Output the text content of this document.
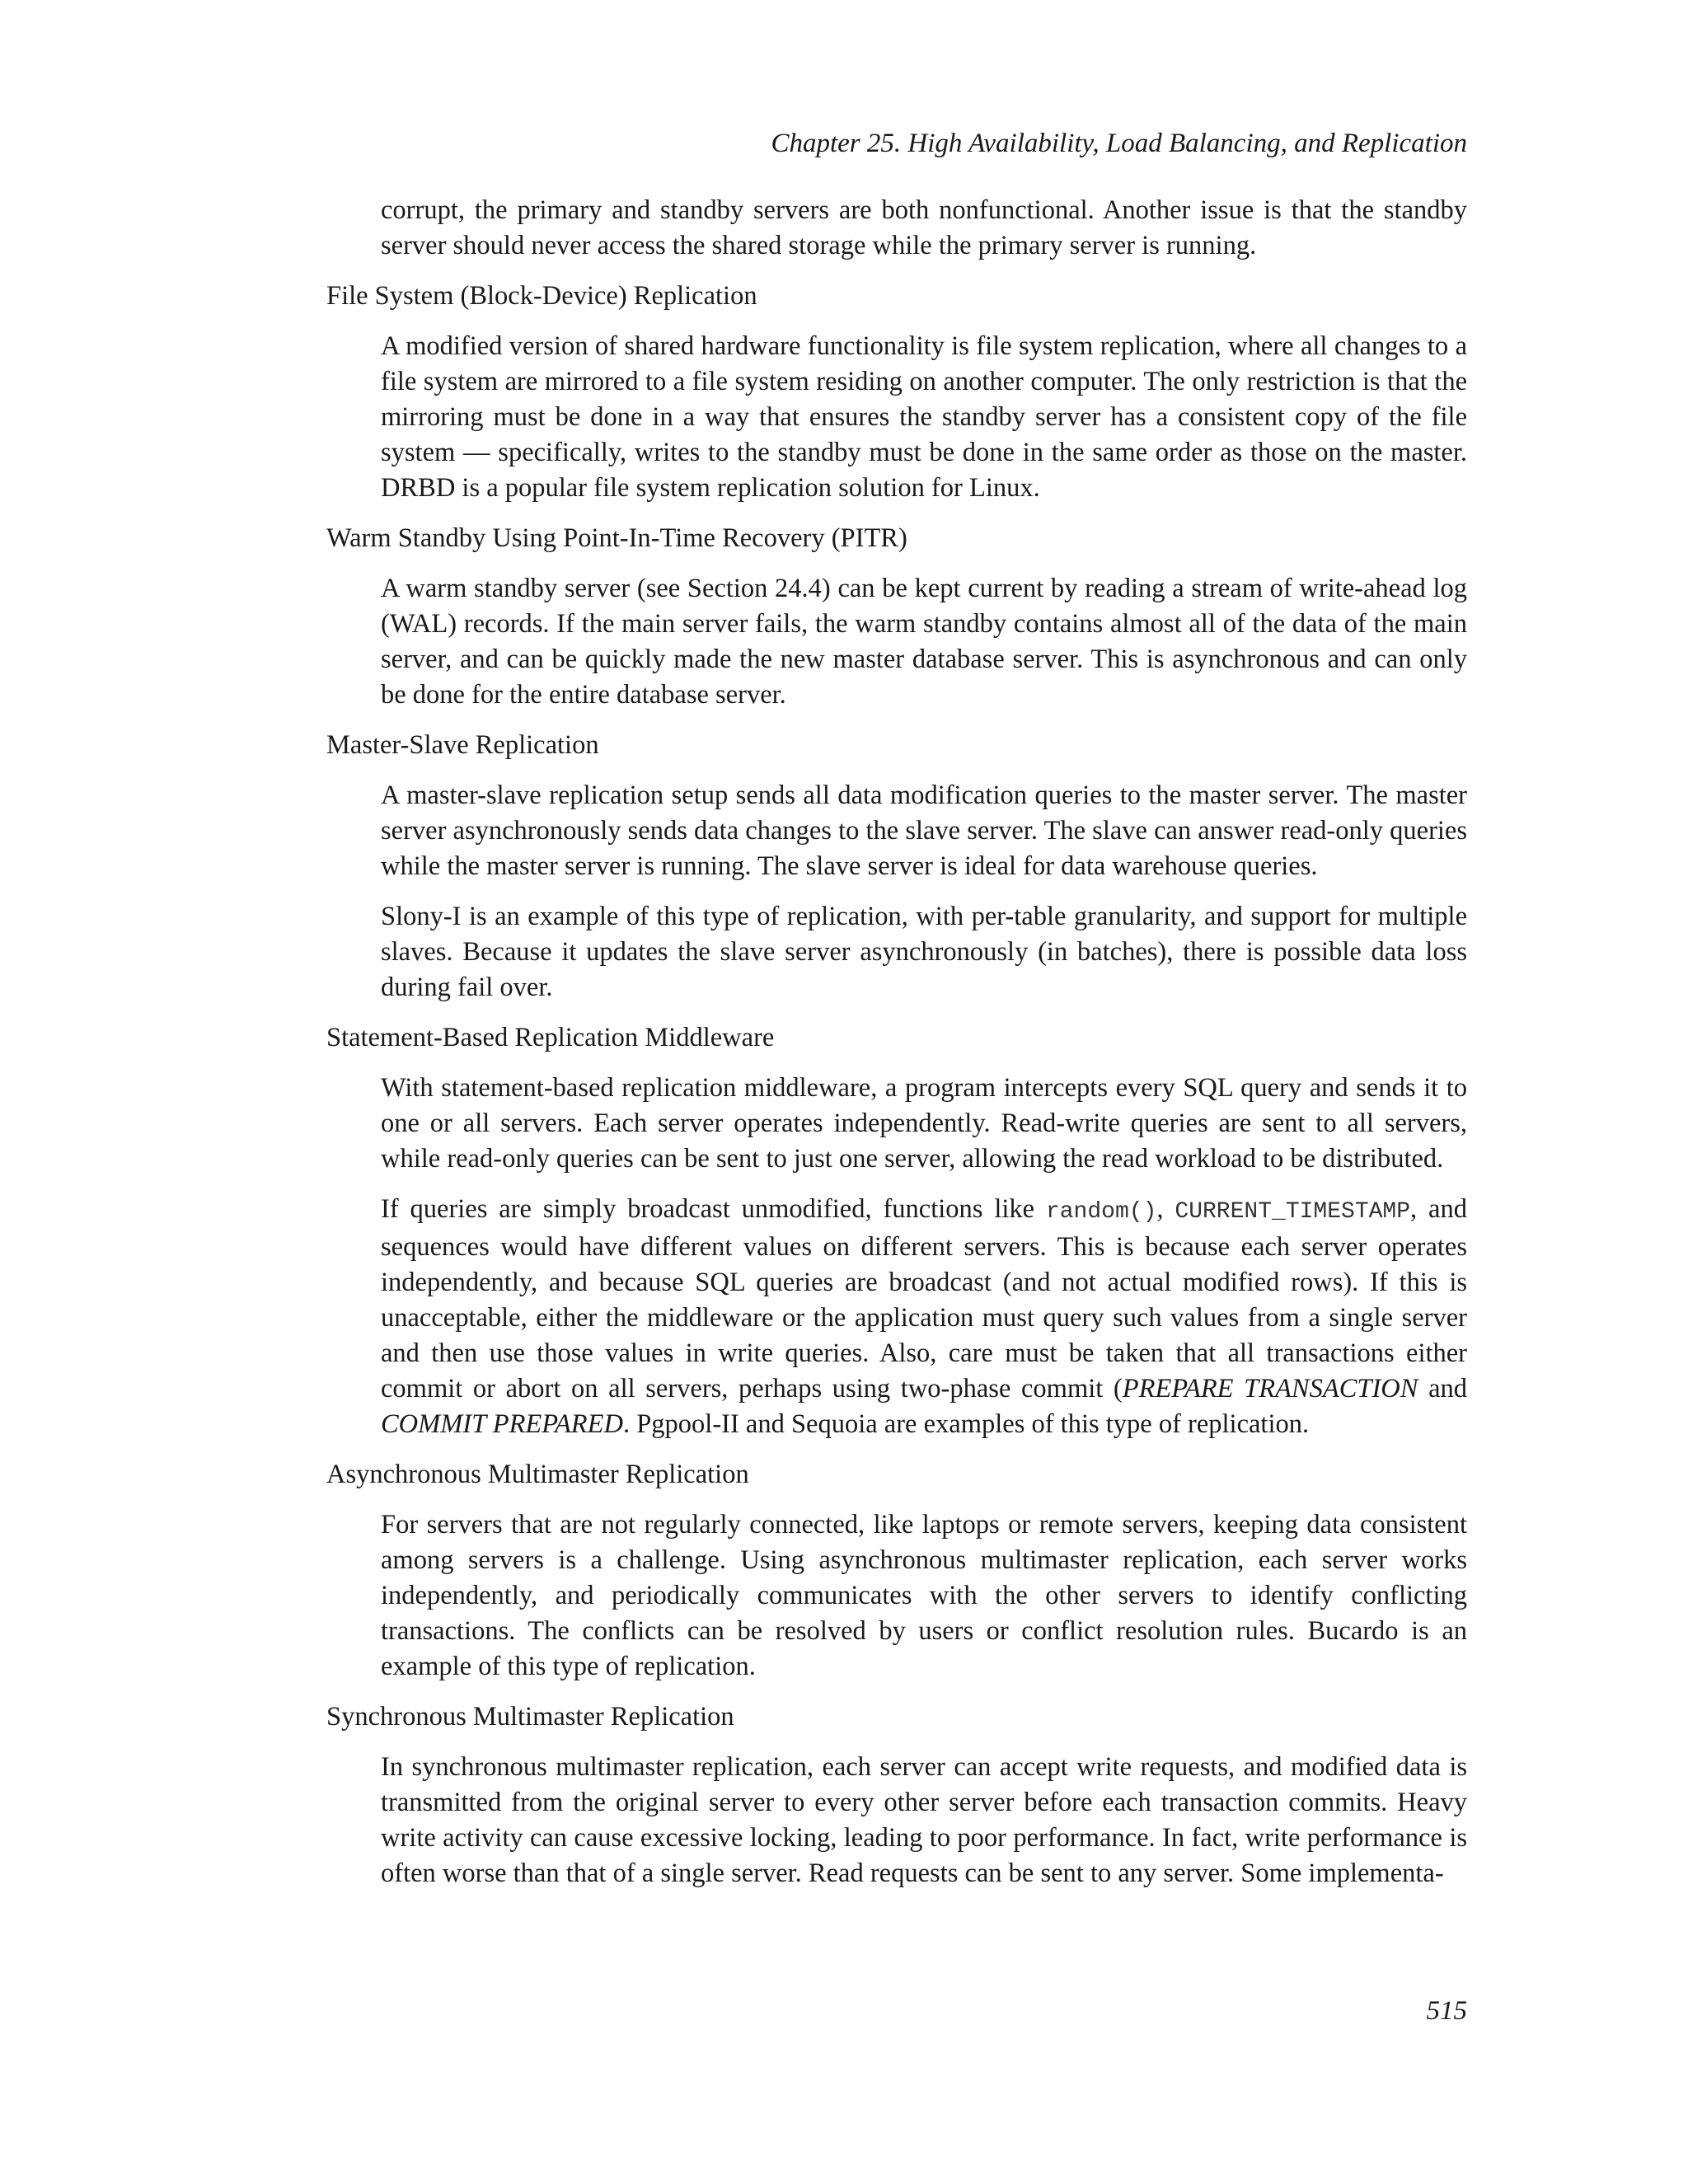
Chapter 25. High Availability, Load Balancing, and Replication

corrupt, the primary and standby servers are both nonfunctional. Another issue is that the standby server should never access the shared storage while the primary server is running.

File System (Block-Device) Replication

A modified version of shared hardware functionality is file system replication, where all changes to a file system are mirrored to a file system residing on another computer. The only restriction is that the mirroring must be done in a way that ensures the standby server has a consistent copy of the file system — specifically, writes to the standby must be done in the same order as those on the master. DRBD is a popular file system replication solution for Linux.

Warm Standby Using Point-In-Time Recovery (PITR)

A warm standby server (see Section 24.4) can be kept current by reading a stream of write-ahead log (WAL) records. If the main server fails, the warm standby contains almost all of the data of the main server, and can be quickly made the new master database server. This is asynchronous and can only be done for the entire database server.

Master-Slave Replication

A master-slave replication setup sends all data modification queries to the master server. The master server asynchronously sends data changes to the slave server. The slave can answer read-only queries while the master server is running. The slave server is ideal for data warehouse queries.

Slony-I is an example of this type of replication, with per-table granularity, and support for multiple slaves. Because it updates the slave server asynchronously (in batches), there is possible data loss during fail over.

Statement-Based Replication Middleware

With statement-based replication middleware, a program intercepts every SQL query and sends it to one or all servers. Each server operates independently. Read-write queries are sent to all servers, while read-only queries can be sent to just one server, allowing the read workload to be distributed.

If queries are simply broadcast unmodified, functions like random(), CURRENT_TIMESTAMP, and sequences would have different values on different servers. This is because each server operates independently, and because SQL queries are broadcast (and not actual modified rows). If this is unacceptable, either the middleware or the application must query such values from a single server and then use those values in write queries. Also, care must be taken that all transactions either commit or abort on all servers, perhaps using two-phase commit (PREPARE TRANSACTION and COMMIT PREPARED. Pgpool-II and Sequoia are examples of this type of replication.

Asynchronous Multimaster Replication

For servers that are not regularly connected, like laptops or remote servers, keeping data consistent among servers is a challenge. Using asynchronous multimaster replication, each server works independently, and periodically communicates with the other servers to identify conflicting transactions. The conflicts can be resolved by users or conflict resolution rules. Bucardo is an example of this type of replication.

Synchronous Multimaster Replication

In synchronous multimaster replication, each server can accept write requests, and modified data is transmitted from the original server to every other server before each transaction commits. Heavy write activity can cause excessive locking, leading to poor performance. In fact, write performance is often worse than that of a single server. Read requests can be sent to any server. Some implementa-

515
